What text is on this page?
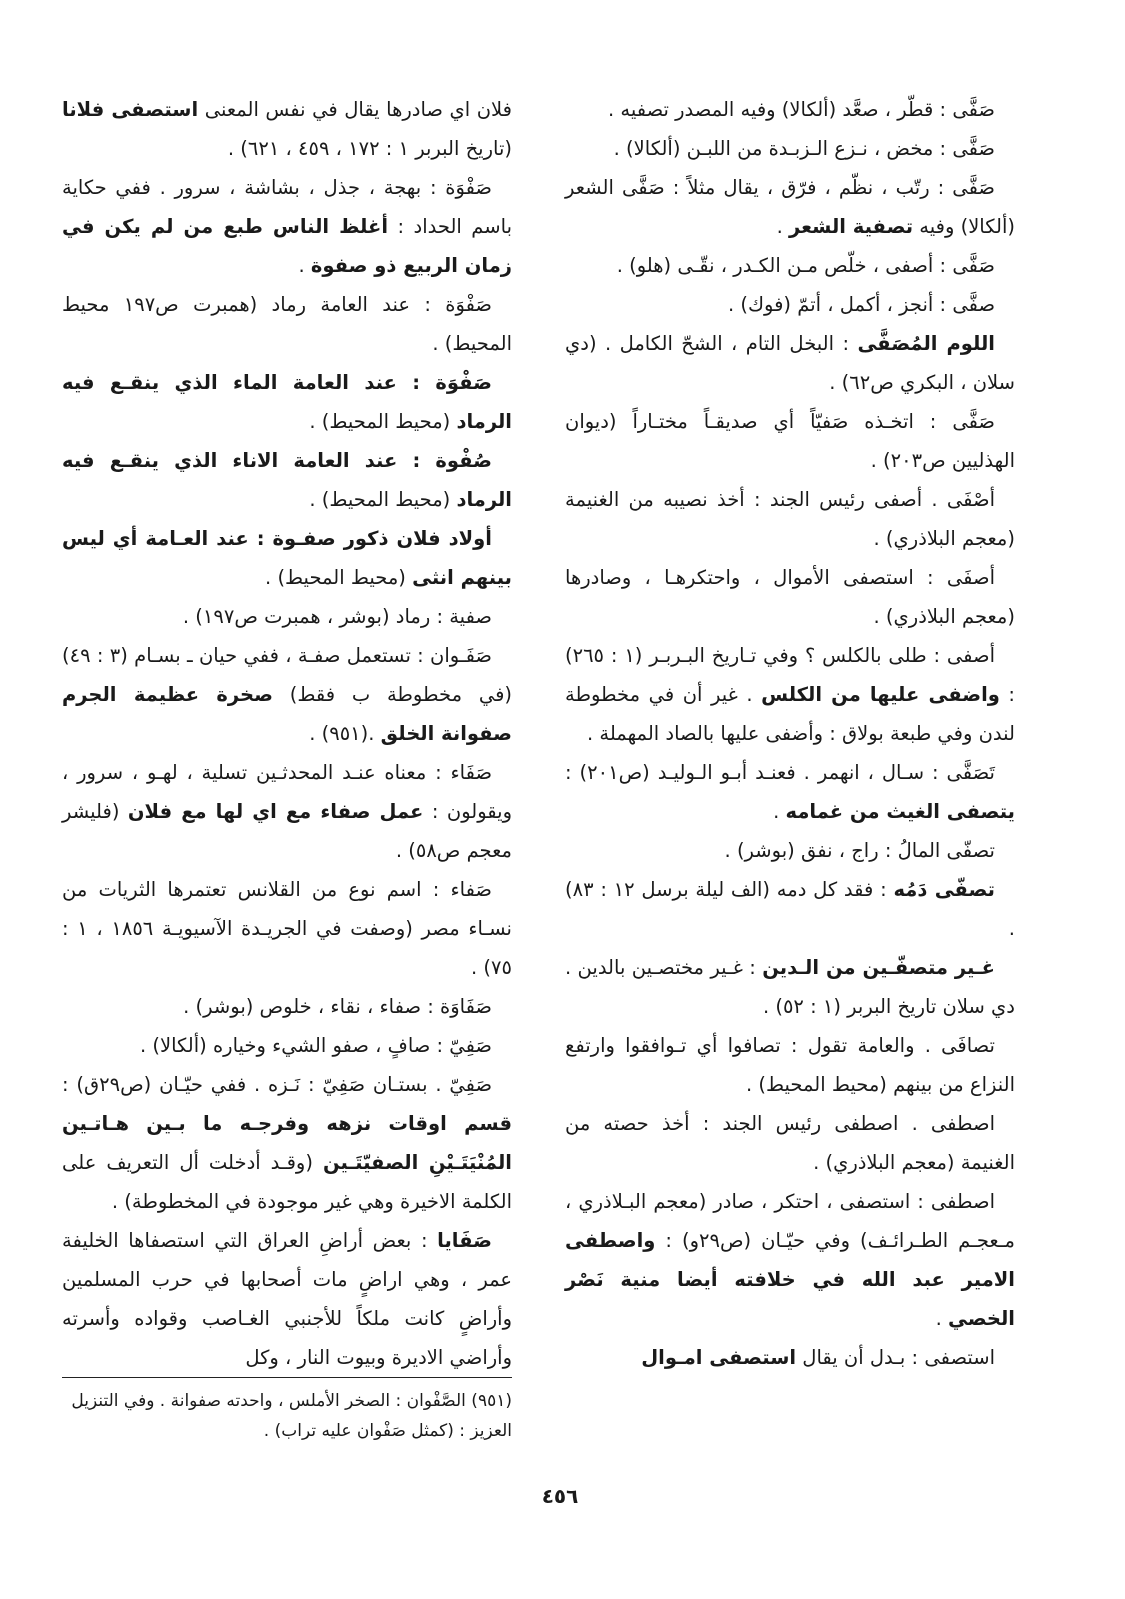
صَفَّى : قطّر ، صعَّد (ألكالا) وفيه المصدر تصفيه .

صَفَّى : مخض ، نـزع الـزبـدة من اللبـن (ألكالا) .

صَفَّى : رتّب ، نظّم ، فرّق ، يقال مثلاً : صَفَّى الشعر (ألكالا) وفيه تصفية الشعر .

صَفَّى : أصفى ، خلّص مـن الكـدر ، نقّـى (هلو) .

صفَّى : أنجز ، أكمل ، أتمّ (فوك) .

اللوم المُصَفَّى : البخل التام ، الشحّ الكامل . (دي سلان ، البكري ص٦٢) .

صَفَّى : اتخـذه صَفيّاً أي صديقـاً مختـاراً (ديوان الهذليين ص٢٠٣) .

أصْفَى . أصفى رئيس الجند : أخذ نصيبه من الغنيمة (معجم البلاذري) .

أصفَى : استصفى الأموال ، واحتكرهـا ، وصادرها (معجم البلاذري) .

أصفى : طلى بالكلس ؟ وفي تـاريخ البـربـر (١ : ٢٦٥) : واضفى عليها من الكلس . غير أن في مخطوطة لندن وفي طبعة بولاق : وأضفى عليها بالصاد المهملة .

تَصَفَّى : سـال ، انهمر . فعنـد أبـو الـوليـد (ص٢٠١) : يتصفى الغيث من غمامه .

تصفّى المالُ : راج ، نفق (بوشر) .

تصفّى دَمُه : فقد كل دمه (الف ليلة برسل ١٢ : ٨٣) .

غـير متصفّـين من الـدين : غـير مختصـين بالدين . دي سلان تاريخ البربر (١ : ٥٢) .

تصافَى . والعامة تقول : تصافوا أي تـوافقوا وارتفع النزاع من بينهم (محيط المحيط) .

اصطفى . اصطفى رئيس الجند : أخذ حصته من الغنيمة (معجم البلاذري) .

اصطفى : استصفى ، احتكر ، صادر (معجم البـلاذري ، مـعجـم الطـرائـف) وفي حيّـان (ص٢٩و) : واصطفى الامير عبد الله في خلافته أيضا منية نَصْر الخصي .

استصفى : بـدل أن يقال استصفى امـوال

فلان اي صادرها يقال في نفس المعنى استصفى فلانا (تاريخ البربر ١ : ١٧٢ ، ٤٥٩ ، ٦٢١) .

صَفْوَة : بهجة ، جذل ، بشاشة ، سرور . ففي حكاية باسم الحداد : أغلظ الناس طبع من لم يكن في زمان الربيع ذو صفوة .

صَفْوَة : عند العامة رماد (همبرت ص١٩٧ محيط المحيط) .

صَفْوَة : عند العامة الماء الذي ينقـع فيه الرماد (محيط المحيط) .

صُفْوة : عند العامة الاناء الذي ينقـع فيه الرماد (محيط المحيط) .

أولاد فلان ذكور صفـوة : عند العـامة أي ليس بينهم انثى (محيط المحيط) .

صفية : رماد (بوشر ، همبرت ص١٩٧) .

صَفَـوان : تستعمل صفـة ، ففي حيان ـ بسـام (٣ : ٤٩) (في مخطوطة ب فقط) صخرة عظيمة الجرم صفوانة الخلق .(٩٥١) .

صَفَاء : معناه عنـد المحدثـين تسلية ، لهـو ، سرور ، ويقولون : عمل صفاء مع اي لها مع فلان (فليشر معجم ص٥٨) .

صَفاء : اسم نوع من القلانس تعتمرها الثريات من نسـاء مصر (وصفت في الجريـدة الآسيويـة ١٨٥٦ ، ١ : ٧٥) .

صَفَاوَة : صفاء ، نقاء ، خلوص (بوشر) .

صَفِيّ : صافٍ ، صفو الشيء وخياره (ألكالا) .

صَفِيّ . بستـان صَفِيّ : نَـزه . ففي حيّـان (ص٢٩ق) : قسم اوقات نزهه وفرجـه ما بـين هـاتـين المُنْيَتَـيْنِ الصفيّتَـين (وقـد أدخلت أل التعريف على الكلمة الاخيرة وهي غير موجودة في المخطوطة) .

صَفَايا : بعض أراضِ العراق التي استصفاها الخليفة عمر ، وهي اراضٍ مات أصحابها في حرب المسلمين وأراضٍ كانت ملكاً للأجنبي الغـاصب وقواده وأسرته وأراضي الاديرة وبيوت النار ، وكل

(٩٥١) الصَّفْوان : الصخر الأملس ، واحدته صفوانة . وفي التنزيل العزيز : (كمثل صَفْوان عليه تراب) .

٤٥٦
